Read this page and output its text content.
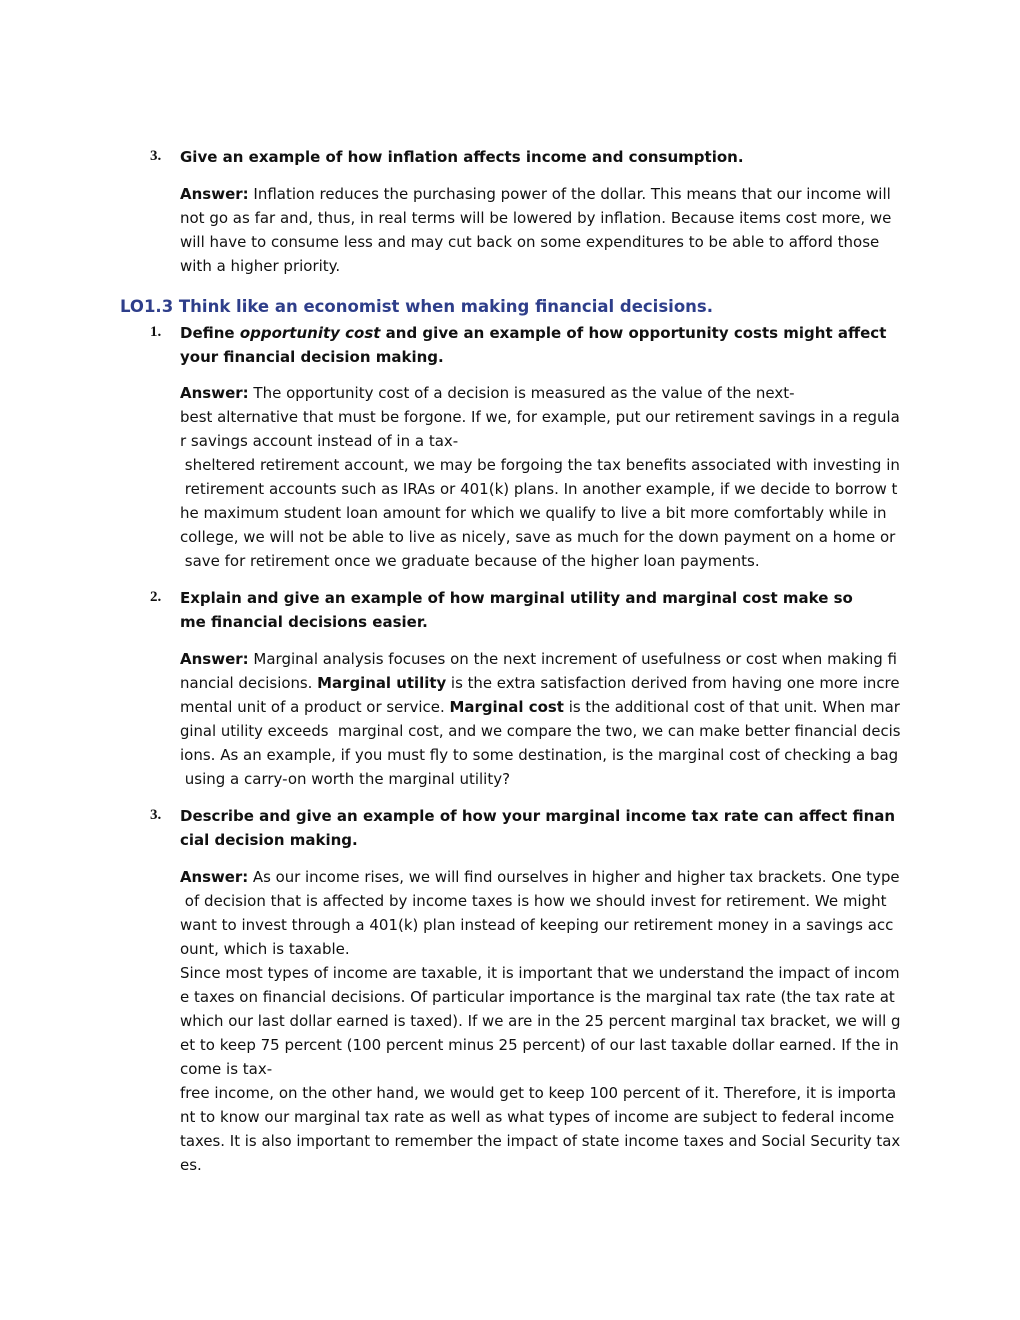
3. Give an example of how inflation affects income and consumption.
Answer: Inflation reduces the purchasing power of the dollar. This means that our income will
not go as far and, thus, in real terms will be lowered by inflation. Because items cost more, we
will have to consume less and may cut back on some expenditures to be able to afford those
with a higher priority.
LO1.3 Think like an economist when making financial decisions.
1. Define opportunity cost and give an example of how opportunity costs might affect
your financial decision making.
Answer: The opportunity cost of a decision is measured as the value of the next-
best alternative that must be forgone. If we, for example, put our retirement savings in a regula
r savings account instead of in a tax-
sheltered retirement account, we may be forgoing the tax benefits associated with investing in
retirement accounts such as IRAs or 401(k) plans. In another example, if we decide to borrow t
he maximum student loan amount for which we qualify to live a bit more comfortably while in
college, we will not be able to live as nicely, save as much for the down payment on a home or
save for retirement once we graduate because of the higher loan payments.
2. Explain and give an example of how marginal utility and marginal cost make so
me financial decisions easier.
Answer: Marginal analysis focuses on the next increment of usefulness or cost when making fi
nancial decisions. Marginal utility is the extra satisfaction derived from having one more incre
mental unit of a product or service. Marginal cost is the additional cost of that unit. When mar
ginal utility exceeds  marginal cost, and we compare the two, we can make better financial decis
ions. As an example, if you must fly to some destination, is the marginal cost of checking a bag
using a carry-on worth the marginal utility?
3. Describe and give an example of how your marginal income tax rate can affect finan
cial decision making.
Answer: As our income rises, we will find ourselves in higher and higher tax brackets. One type
of decision that is affected by income taxes is how we should invest for retirement. We might
want to invest through a 401(k) plan instead of keeping our retirement money in a savings acc
ount, which is taxable.
Since most types of income are taxable, it is important that we understand the impact of incom
e taxes on financial decisions. Of particular importance is the marginal tax rate (the tax rate at
which our last dollar earned is taxed). If we are in the 25 percent marginal tax bracket, we will g
et to keep 75 percent (100 percent minus 25 percent) of our last taxable dollar earned. If the in
come is tax-
free income, on the other hand, we would get to keep 100 percent of it. Therefore, it is importa
nt to know our marginal tax rate as well as what types of income are subject to federal income
taxes. It is also important to remember the impact of state income taxes and Social Security tax
es.
